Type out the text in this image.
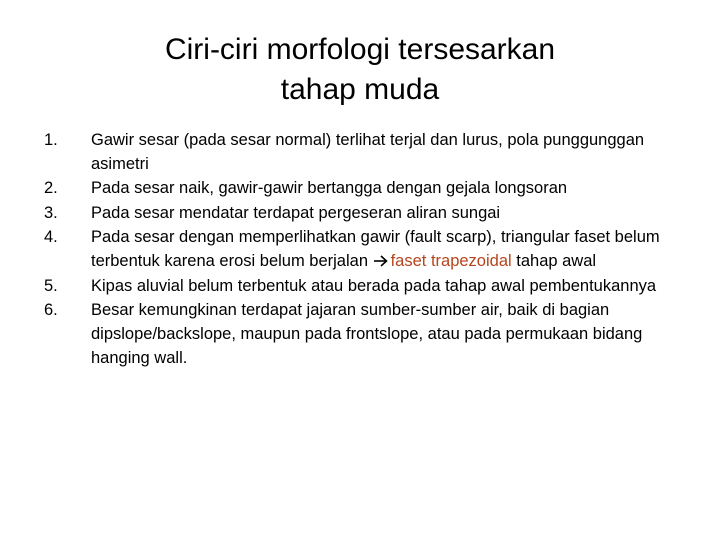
Ciri-ciri morfologi tersesarkan
tahap muda
1.	Gawir sesar (pada sesar normal) terlihat terjal dan lurus, pola punggunggan asimetri
2.	Pada sesar naik, gawir-gawir bertangga dengan gejala longsoran
3.	Pada sesar mendatar terdapat pergeseran aliran sungai
4.	Pada sesar dengan memperlihatkan gawir (fault scarp), triangular faset belum terbentuk karena erosi belum berjalan faset trapezoidal tahap awal
5.	Kipas aluvial belum terbentuk atau berada pada tahap awal pembentukannya
6.	Besar kemungkinan terdapat jajaran sumber-sumber air, baik di bagian dipslope/backslope, maupun pada frontslope, atau pada permukaan bidang hanging wall.
